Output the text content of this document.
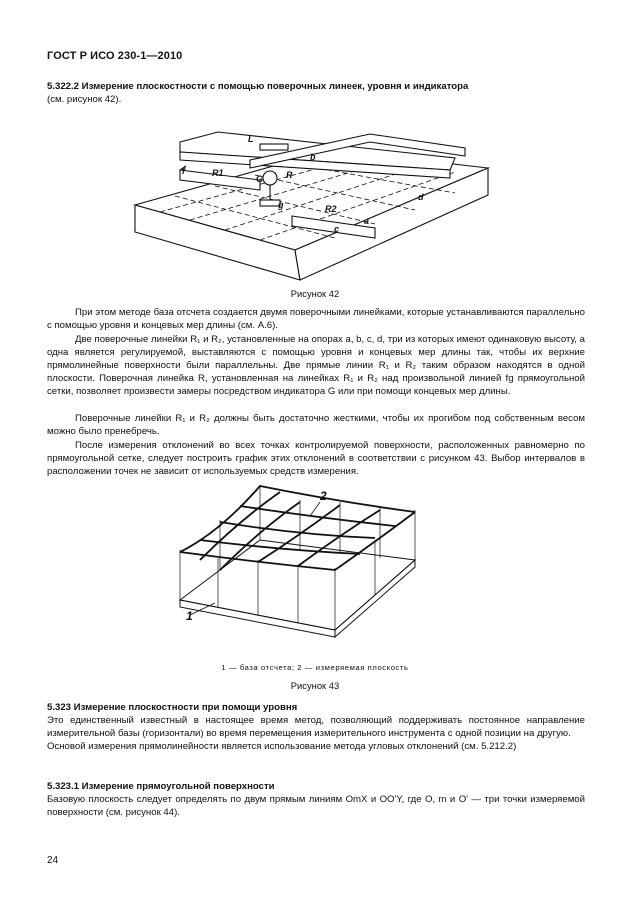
ГОСТ Р ИСО 230-1—2010
5.322.2 Измерение плоскостности с помощью поверочных линеек, уровня и индикатора
(см. рисунок 42).
L
f	R1	R
G
g	R2
c
a
d
b
Рисунок 42
При этом методе база отсчета создается двумя поверочными линейками, которые устанавливаются параллельно с помощью уровня и концевых мер длины (см. А.6).
Две поверочные линейки R₁ и R₂, установленные на опорах a, b, c, d, три из которых имеют одинаковую высоту, а одна является регулируемой, выставляются с помощью уровня и концевых мер длины так, чтобы их верхние прямолинейные поверхности были параллельны. Две прямые линии R₁ и R₂ таким образом находятся в одной плоскости. Поверочная линейка R, установленная на линейках R₁ и R₂ над произвольной линией fg прямоугольной сетки, позволяет произвести замеры посредством индикатора G или при помощи концевых мер длины.
Поверочные линейки R₁ и R₂ должны быть достаточно жесткими, чтобы их прогибом под собственным весом можно было пренебречь.
После измерения отклонений во всех точках контролируемой поверхности, расположенных равномерно по прямоугольной сетке, следует построить график этих отклонений в соответствии с рисунком 43. Выбор интервалов в расположении точек не зависит от используемых средств измерения.
1
2
1 — база отсчета; 2 — измеряемая плоскость
Рисунок 43
5.323 Измерение плоскостности при помощи уровня
Это единственный известный в настоящее время метод, позволяющий поддерживать постоянное направление измерительной базы (горизонтали) во время перемещения измерительного инструмента с одной позиции на другую.
Основой измерения прямолинейности является использование метода угловых отклонений (см. 5.212.2)
5.323.1 Измерение прямоугольной поверхности
Базовую плоскость следует определять по двум прямым линиям OmX и OO'Y, где O, m и O' — три точки измеряемой поверхности (см. рисунок 44).
24
